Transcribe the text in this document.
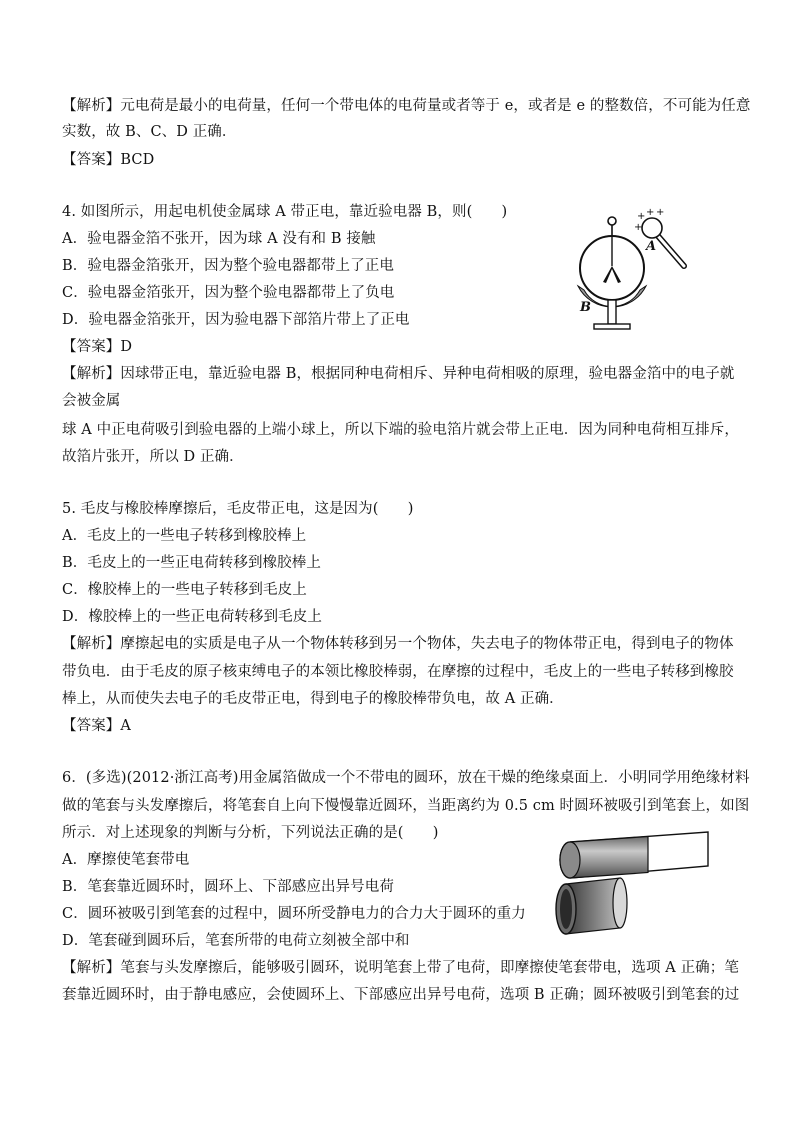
【解析】元电荷是最小的电荷量，任何一个带电体的电荷量或者等于 e，或者是 e 的整数倍，不可能为任意
实数，故 B、C、D 正确．
【答案】BCD
4. 如图所示，用起电机使金属球 A 带正电，靠近验电器 B，则(　　)
A．验电器金箔不张开，因为球 A 没有和 B 接触
B．验电器金箔张开，因为整个验电器都带上了正电
C．验电器金箔张开，因为整个验电器都带上了负电
D．验电器金箔张开，因为验电器下部箔片带上了正电
【答案】D
【解析】因球带正电，靠近验电器 B，根据同种电荷相斥、异种电荷相吸的原理，验电器金箔中的电子就
会被金属
球 A 中正电荷吸引到验电器的上端小球上，所以下端的验电箔片就会带上正电．因为同种电荷相互排斥，
故箔片张开，所以 D 正确．
B
+ + +
+
A
5. 毛皮与橡胶棒摩擦后，毛皮带正电，这是因为(　　)
A．毛皮上的一些电子转移到橡胶棒上
B．毛皮上的一些正电荷转移到橡胶棒上
C．橡胶棒上的一些电子转移到毛皮上
D．橡胶棒上的一些正电荷转移到毛皮上
【解析】摩擦起电的实质是电子从一个物体转移到另一个物体，失去电子的物体带正电，得到电子的物体
带负电．由于毛皮的原子核束缚电子的本领比橡胶棒弱，在摩擦的过程中，毛皮上的一些电子转移到橡胶
棒上，从而使失去电子的毛皮带正电，得到电子的橡胶棒带负电，故 A 正确．
【答案】A
6．(多选)(2012·浙江高考)用金属箔做成一个不带电的圆环，放在干燥的绝缘桌面上．小明同学用绝缘材料
做的笔套与头发摩擦后，将笔套自上向下慢慢靠近圆环，当距离约为 0.5 cm 时圆环被吸引到笔套上，如图
所示．对上述现象的判断与分析，下列说法正确的是(　　)
A．摩擦使笔套带电
B．笔套靠近圆环时，圆环上、下部感应出异号电荷
C．圆环被吸引到笔套的过程中，圆环所受静电力的合力大于圆环的重力
D．笔套碰到圆环后，笔套所带的电荷立刻被全部中和
【解析】笔套与头发摩擦后，能够吸引圆环，说明笔套上带了电荷，即摩擦使笔套带电，选项 A 正确；笔
套靠近圆环时，由于静电感应，会使圆环上、下部感应出异号电荷，选项 B 正确；圆环被吸引到笔套的过
